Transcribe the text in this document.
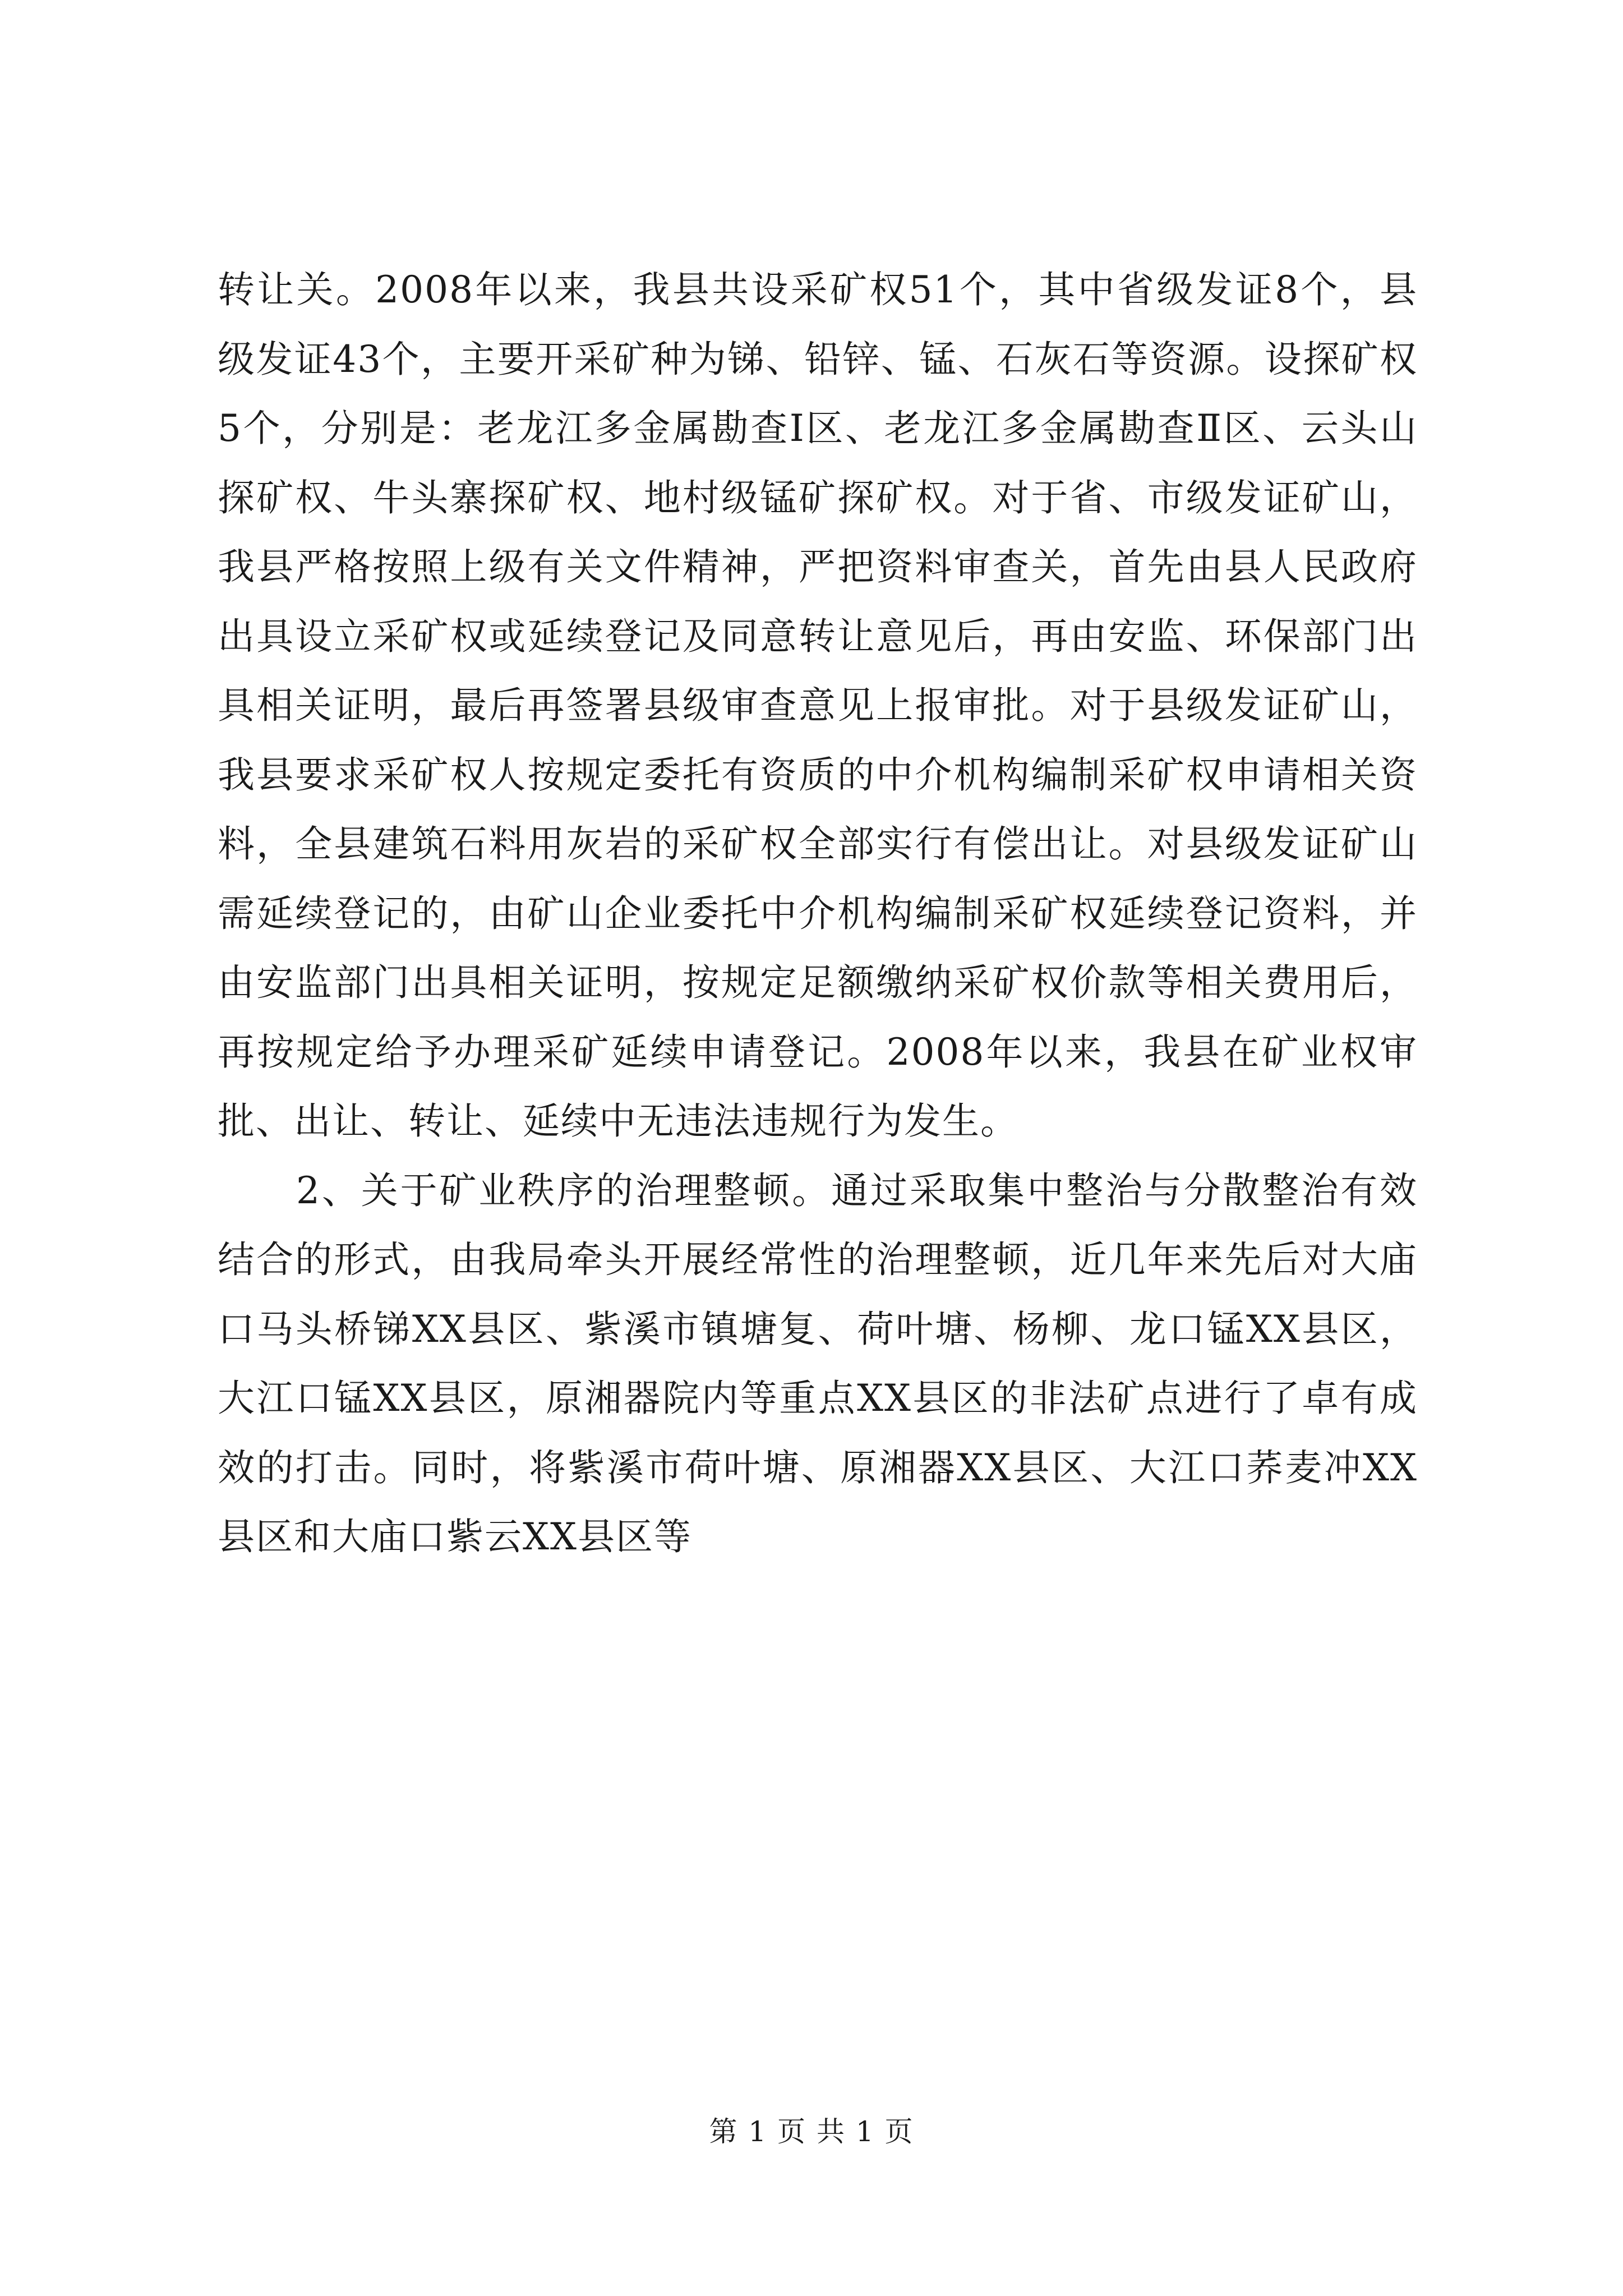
转让关。2008年以来，我县共设采矿权51个，其中省级发证8个，县级发证43个，主要开采矿种为锑、铅锌、锰、石灰石等资源。设探矿权5个，分别是：老龙江多金属勘查Ⅰ区、老龙江多金属勘查Ⅱ区、云头山探矿权、牛头寨探矿权、地村级锰矿探矿权。对于省、市级发证矿山，我县严格按照上级有关文件精神，严把资料审查关，首先由县人民政府出具设立采矿权或延续登记及同意转让意见后，再由安监、环保部门出具相关证明，最后再签署县级审查意见上报审批。对于县级发证矿山，我县要求采矿权人按规定委托有资质的中介机构编制采矿权申请相关资料，全县建筑石料用灰岩的采矿权全部实行有偿出让。对县级发证矿山需延续登记的，由矿山企业委托中介机构编制采矿权延续登记资料，并由安监部门出具相关证明，按规定足额缴纳采矿权价款等相关费用后，再按规定给予办理采矿延续申请登记。2008年以来，我县在矿业权审批、出让、转让、延续中无违法违规行为发生。

2、关于矿业秩序的治理整顿。通过采取集中整治与分散整治有效结合的形式，由我局牵头开展经常性的治理整顿，近几年来先后对大庙口马头桥锑XX县区、紫溪市镇塘复、荷叶塘、杨柳、龙口锰XX县区，大江口锰XX县区，原湘器院内等重点XX县区的非法矿点进行了卓有成效的打击。同时，将紫溪市荷叶塘、原湘器XX县区、大江口荞麦冲XX县区和大庙口紫云XX县区等

第 1 页 共 1 页
